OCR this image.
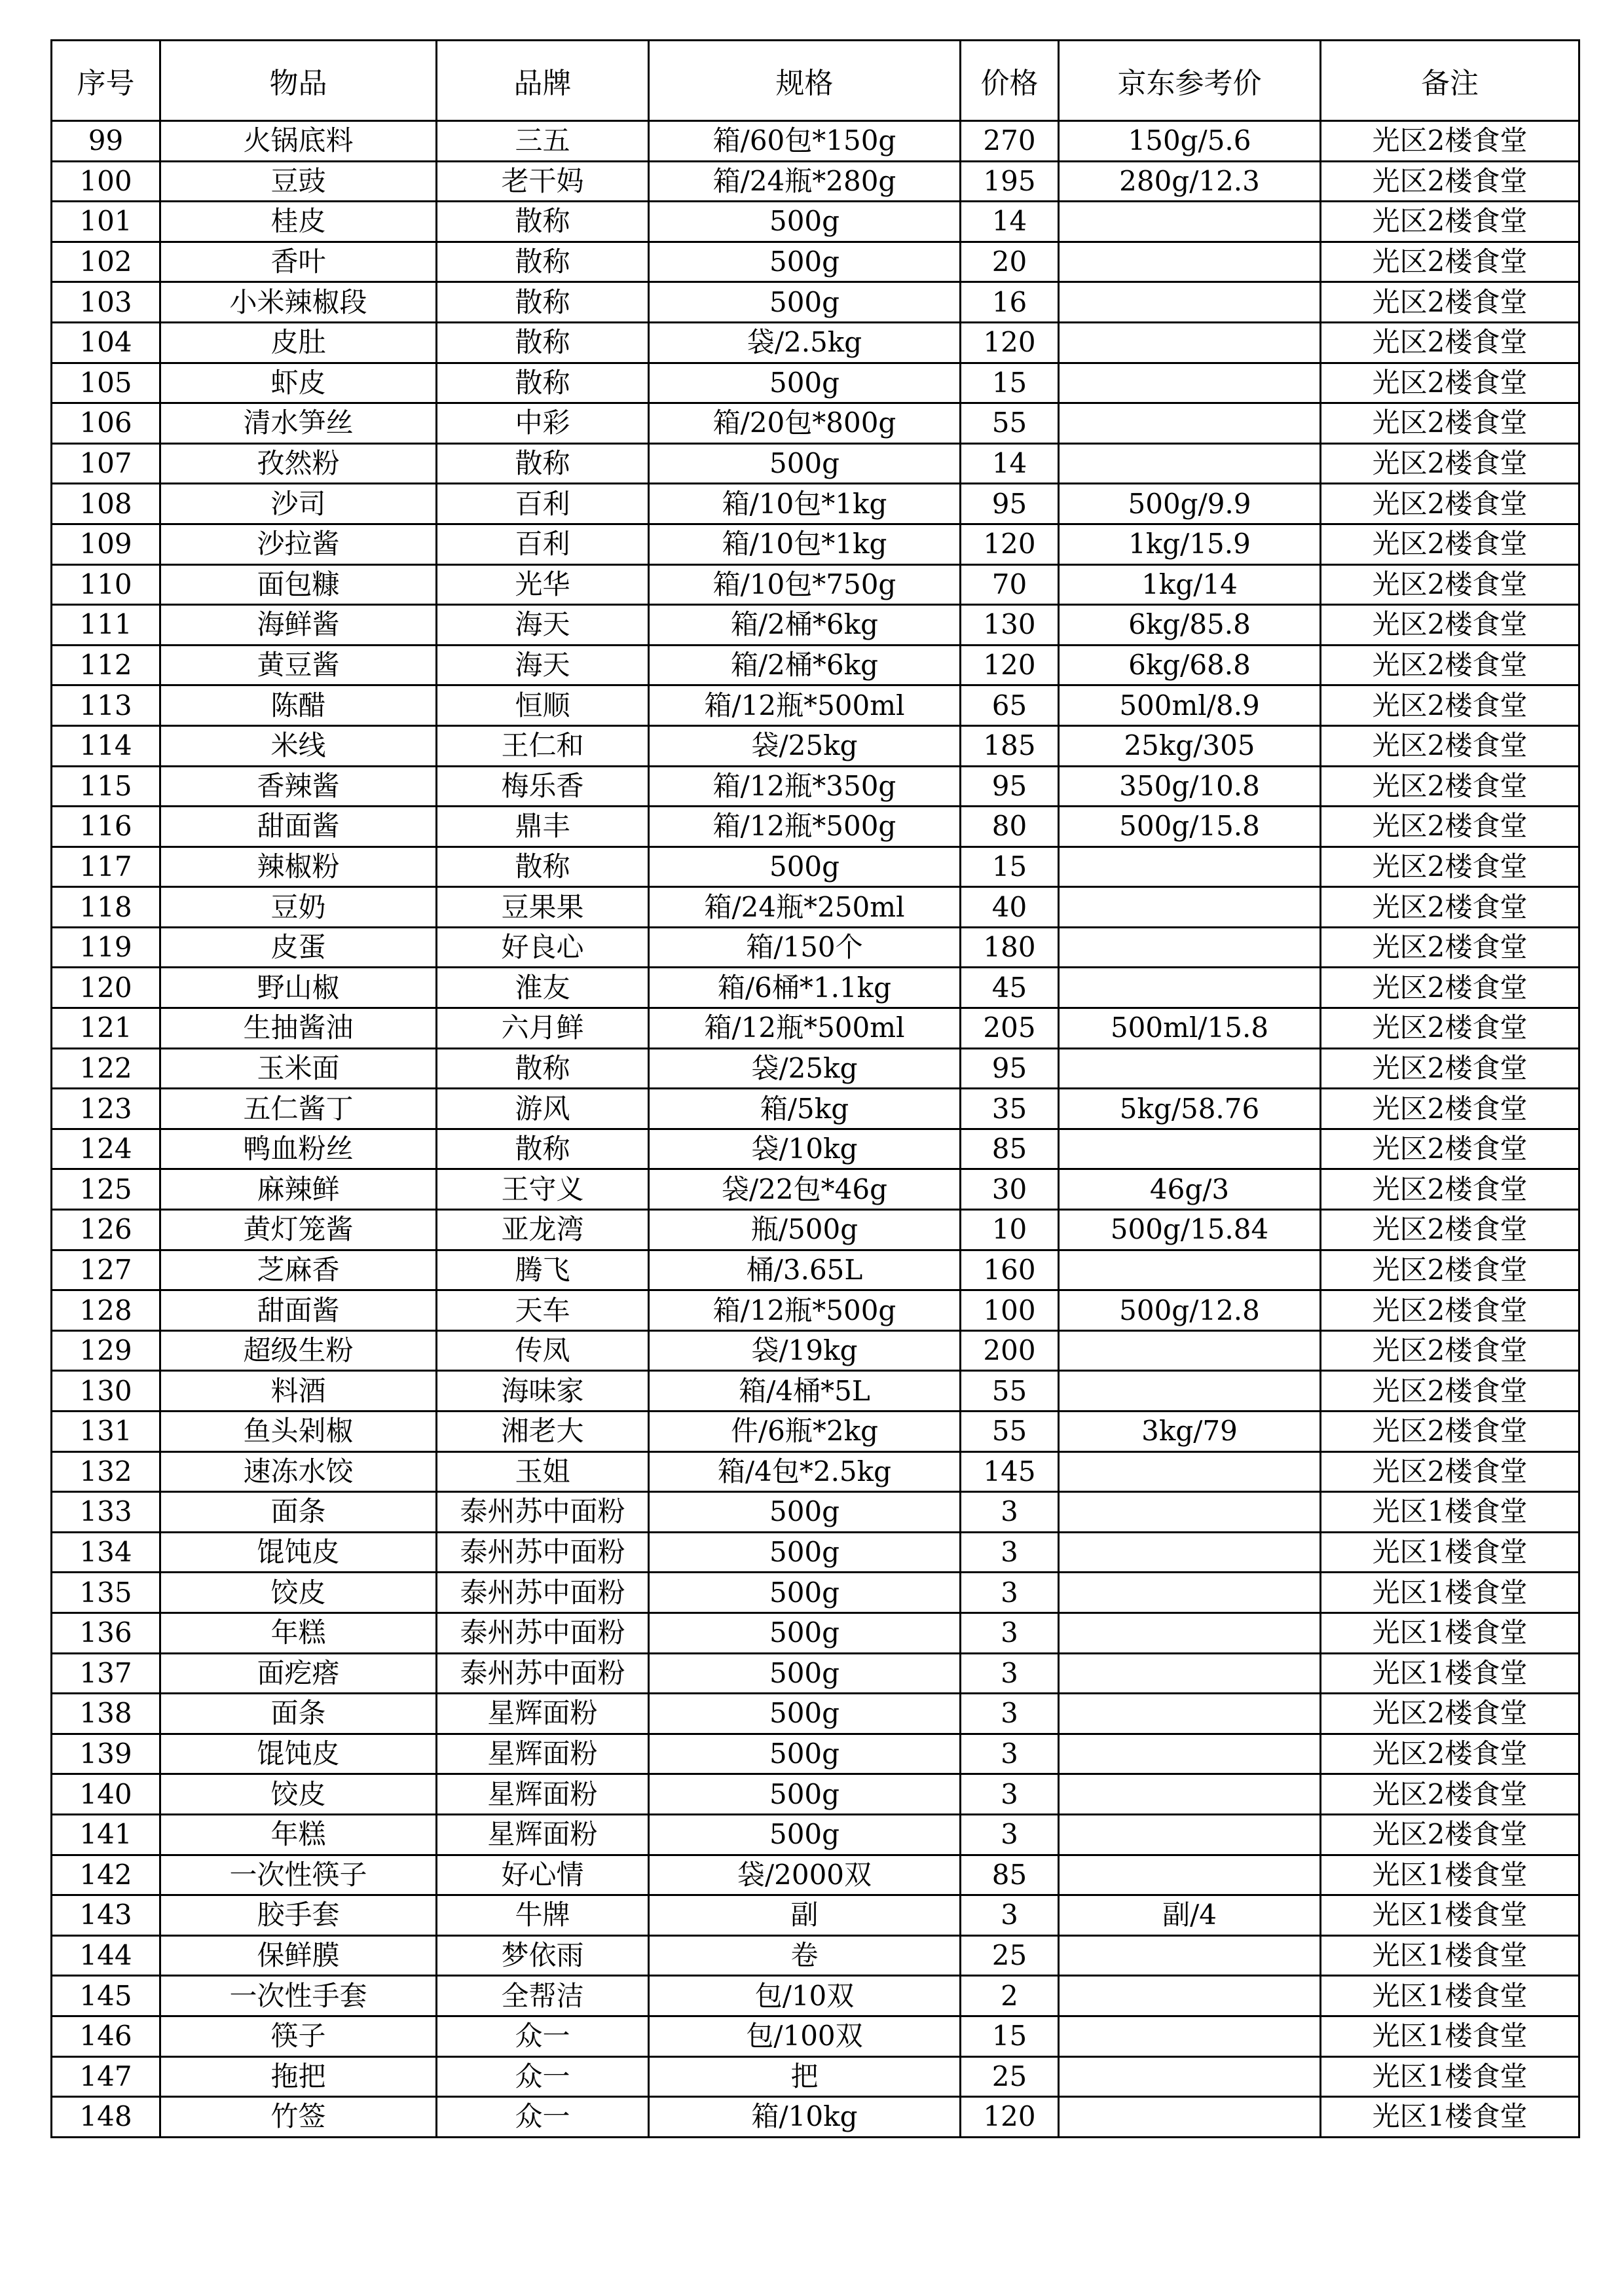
序号	物品	品牌	规格	价格	京东参考价	备注
99	火锅底料	三五	箱/60包*150g	270	150g/5.6	光区2楼食堂
100	豆豉	老干妈	箱/24瓶*280g	195	280g/12.3	光区2楼食堂
101	桂皮	散称	500g	14		光区2楼食堂
102	香叶	散称	500g	20		光区2楼食堂
103	小米辣椒段	散称	500g	16		光区2楼食堂
104	皮肚	散称	袋/2.5kg	120		光区2楼食堂
105	虾皮	散称	500g	15		光区2楼食堂
106	清水笋丝	中彩	箱/20包*800g	55		光区2楼食堂
107	孜然粉	散称	500g	14		光区2楼食堂
108	沙司	百利	箱/10包*1kg	95	500g/9.9	光区2楼食堂
109	沙拉酱	百利	箱/10包*1kg	120	1kg/15.9	光区2楼食堂
110	面包糠	光华	箱/10包*750g	70	1kg/14	光区2楼食堂
111	海鲜酱	海天	箱/2桶*6kg	130	6kg/85.8	光区2楼食堂
112	黄豆酱	海天	箱/2桶*6kg	120	6kg/68.8	光区2楼食堂
113	陈醋	恒顺	箱/12瓶*500ml	65	500ml/8.9	光区2楼食堂
114	米线	王仁和	袋/25kg	185	25kg/305	光区2楼食堂
115	香辣酱	梅乐香	箱/12瓶*350g	95	350g/10.8	光区2楼食堂
116	甜面酱	鼎丰	箱/12瓶*500g	80	500g/15.8	光区2楼食堂
117	辣椒粉	散称	500g	15		光区2楼食堂
118	豆奶	豆果果	箱/24瓶*250ml	40		光区2楼食堂
119	皮蛋	好良心	箱/150个	180		光区2楼食堂
120	野山椒	淮友	箱/6桶*1.1kg	45		光区2楼食堂
121	生抽酱油	六月鲜	箱/12瓶*500ml	205	500ml/15.8	光区2楼食堂
122	玉米面	散称	袋/25kg	95		光区2楼食堂
123	五仁酱丁	游风	箱/5kg	35	5kg/58.76	光区2楼食堂
124	鸭血粉丝	散称	袋/10kg	85		光区2楼食堂
125	麻辣鲜	王守义	袋/22包*46g	30	46g/3	光区2楼食堂
126	黄灯笼酱	亚龙湾	瓶/500g	10	500g/15.84	光区2楼食堂
127	芝麻香	腾飞	桶/3.65L	160		光区2楼食堂
128	甜面酱	天车	箱/12瓶*500g	100	500g/12.8	光区2楼食堂
129	超级生粉	传凤	袋/19kg	200		光区2楼食堂
130	料酒	海味家	箱/4桶*5L	55		光区2楼食堂
131	鱼头剁椒	湘老大	件/6瓶*2kg	55	3kg/79	光区2楼食堂
132	速冻水饺	玉姐	箱/4包*2.5kg	145		光区2楼食堂
133	面条	泰州苏中面粉	500g	3		光区1楼食堂
134	馄饨皮	泰州苏中面粉	500g	3		光区1楼食堂
135	饺皮	泰州苏中面粉	500g	3		光区1楼食堂
136	年糕	泰州苏中面粉	500g	3		光区1楼食堂
137	面疙瘩	泰州苏中面粉	500g	3		光区1楼食堂
138	面条	星辉面粉	500g	3		光区2楼食堂
139	馄饨皮	星辉面粉	500g	3		光区2楼食堂
140	饺皮	星辉面粉	500g	3		光区2楼食堂
141	年糕	星辉面粉	500g	3		光区2楼食堂
142	一次性筷子	好心情	袋/2000双	85		光区1楼食堂
143	胶手套	牛牌	副	3	副/4	光区1楼食堂
144	保鲜膜	梦依雨	卷	25		光区1楼食堂
145	一次性手套	全帮洁	包/10双	2		光区1楼食堂
146	筷子	众一	包/100双	15		光区1楼食堂
147	拖把	众一	把	25		光区1楼食堂
148	竹签	众一	箱/10kg	120		光区1楼食堂
